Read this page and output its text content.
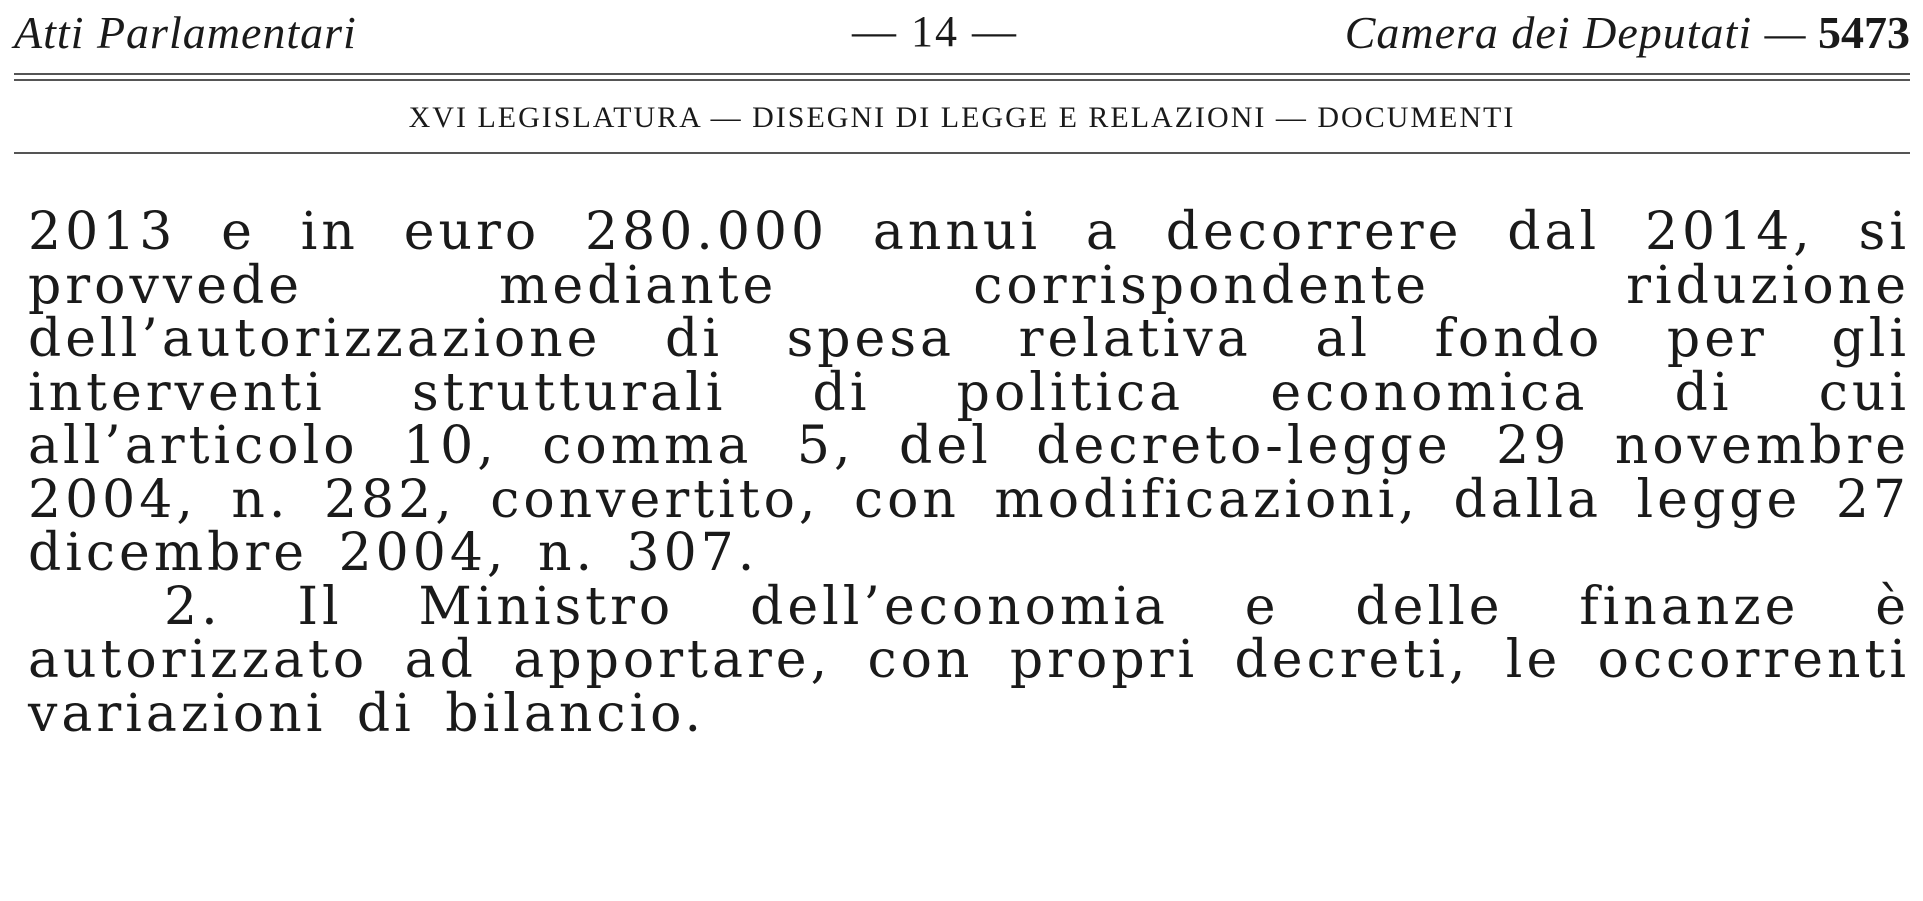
Atti Parlamentari	— 14 —	Camera dei Deputati — 5473
XVI LEGISLATURA — DISEGNI DI LEGGE E RELAZIONI — DOCUMENTI

2013 e in euro 280.000 annui a decorrere dal 2014, si provvede mediante corrispondente riduzione dell’autorizzazione di spesa relativa al fondo per gli interventi strutturali di politica economica di cui all’articolo 10, comma 5, del decreto-legge 29 novembre 2004, n. 282, convertito, con modificazioni, dalla legge 27 dicembre 2004, n. 307.

2. Il Ministro dell’economia e delle finanze è autorizzato ad apportare, con propri decreti, le occorrenti variazioni di bilancio.
